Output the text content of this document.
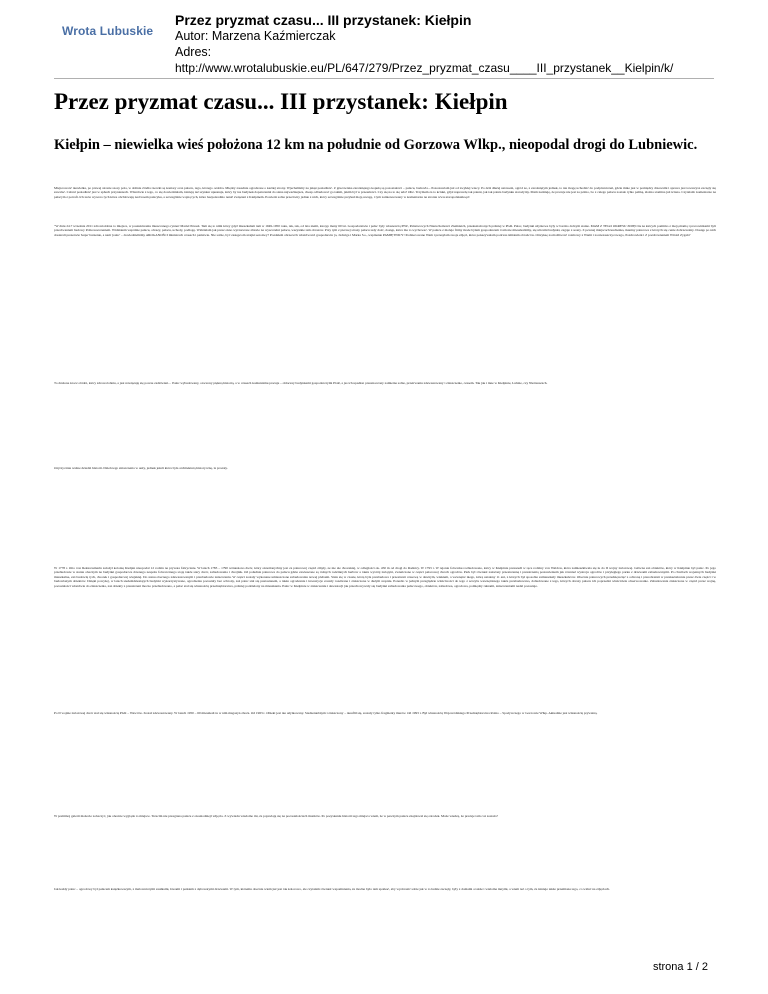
Wrota Lubuskie
Przez pryzmat czasu... III przystanek: Kiełpin
Autor: Marzena Kaźmierczak
Adres:
http://www.wrotalubuskie.eu/PL/647/279/Przez_pryzmat_czasu____III_przystanek__Kielpin/k/
Przez pryzmat czasu... III przystanek: Kiełpin
Kiełpin – niewielka wieś położona 12 km na południe od Gorzowa Wlkp., nieopodal drogi do Lubniewic.

Miejscowość niewielka, po prawej stronie szosy pola, w dolinie źródła rzeczki są koniary oraz pałacu, tego, którego ozdoba. Między zasadnie ogrodzone o każdej strony. Wjechaliśmy na jakąś posiadłość. Z gruzowiska zarośniętego kopułą są pozostałości – pałacu, budowla... Pozostawiam już od zwykłej wiecy. Po dziś dłużej ustaweni, ogród ze, z zarośniętym jednak, to nie mogę uchodzić do podpiwniczeń, gdzie mnie jest w pomiędzy drzewami i sprawa jest towarzysz zaczęły się zawalać. Cabrul posiadłość jest w sphach przyniesiech. Właściwie z tego, co się dowiedziałam, istnieją też szynkar upusnuje, który by tus budynek dopatrzeniał do siana najwaźniejsza, cheap odbudować go takim, jakim był w przeszłości. Czy się na to się uda? Ołtz. Trzymam za to kciuki, gdyż naprawdę tak pałeni, jak tak pałata budynku starożytny. Mam nadzieję, że pracuje nie jest za późno, bo z całego pałacu zostało tylko pałmą, złożna stomina już ściana. Czytałam: komentarze na pałacym z potrafi. Ich tacie wywero tych które obchlowują nad losem pałacyku, a szczególnie wojną tych, które bezpośrednio nanić związani z Kiełpinem. Powiedz sobie przeciwny jadnie z nich, który szczególnie przykuł moją uwagę, i tym zainteresowany w komentarzu na stronie www.staropolskatka.pl:

"W dniu 24.7 września 2011 zdrowiołobna to miejsce, w poszukiwaniu mieszcanego rynnać Mariel Prusaż. Tam się to nimi który gdyż mieszkałam tam w 1949-1950 roku, tak, tak, od lata ziemi, ktosyp many 60 lat. Gospodarstwie i pałac były własnością PNZ, Państwowych Nieruchomości Ziemskich, przekształconych później w PGR. Pałac, budynki użytkowe były w bardzo dobrym stanie. MAM Z TEGO OKRESU ZDJĘCIA na których pomimo z moją mamą i pracownikami byli przeciwaniem budowy Polkowszczeniem. Widziałem wspólnie pałacu, obrazy, pałacu, uchody, podłogę. Widziałam jak przez okno wyrzuczone zbiorie na wyszczelni pałacu, wszystkie tam obrazów. Przy tym z pierwej strony pałacu tedy dość, dostęp, która ma to wychować. W pałacu z moleje firmy może byłem gospodarzem i tam nie mieszkaliśmy, się ulicami budynki, zagaje z sosny. Z pewnej miejscach kuchenka, tkaniny pałacowe z których się cenie dobrzewalny. Dostęp po nich dostarali prezerwie 'kupa' burzenie, a nam 'pałac' – dowiedzieliśmy AROGANOŚCI ministrach czasach i państwie. Nie sobie, być zastępcom strajki sezonwy? Pozdałem obrzeczch właściwości gospodarstw ja, Jadwiga i Marka S.s., wspinanie PAMIĘTNICY! Podziecowane Wam i przesyłam swoje zdjęci, które pokazywałam podczas śmiałam obrońców. Otrzyksę za możliwość rozmowy z Wami i za niezaszczycowego, Pozdrowieni i Z pozdrowieniem Witold Zygała"

To drużone krocz obrabi, który zdrowolobniu, a jest nawiązują się powsu zadziwień… Pałac wybudowany, otoczony piękną historią, a w czasach komunizmu pracuje – obłaczay budynkami gospodarczymi PGR, a jes ich upadku: przeznaczony zamietna sobie, przetrwaniu zdewastowany i zniszczenie, czasem. Tak jak i inne w Kiełpinie, Lubnie, czy Nietrzeszach.

Ozyrzycznie ważne dziedzi historii. Dzień tego zniszczenia w uaży, jednak jeżeli która była architekturą historyczną, le prozaiy.

W 1778 r. Otto von Rektorssmarin założył kolonię Kiełpin nieopodal 12 rodzin na prywata fabrycznie. W latach 1783 – 1790 wzniesiono dwór, który określonychny jest za pałacowej części zmyły, ze nie ale dworskiej, w odległości ok. 450 m od drogi do Radnicy. W 1793 r. W rejonie folwarku rozbudowano, który w Kiełpinie przeszedł w ręce rodziny von Waldow, która zamieszkiwała się tu do II wojny światowej. Główna zaś obiektów, który w Kiełpinie był pałac. Po jego przebudowie w stanie obecnym na budynki gospodarcze dawnego zespołu folwarcznego stoją także stary dwór, zabudowania i dwójnik. Od południa pałacowe do pałacu gdzie zawieszone są różnych rodzinnych herbów a także wystrój świątyni, zwieńczone w części pałacowej dwóch ogrodów. Park był również założony przestrzenną i przestrzenią postawieniem jak również wystroju ogrodów i przyległego parku z drzewami zabudowanymi. Po chwilach wojennych budynki mieszkalne, zaś budowlą tych, dworek i gospodarczej wiejskiej. Do stanu obecnego zdewastowanym i przebudowie zniszczeniu. W części zostały wykonane umieszczone zabudowania nowej plebanii. Stała się w czasie, którą była przebudowa i przestrzeń czasową w dawnym, wiekiem, a wewnątrz niego, którą ustaleny 11 ani, z których był sposobie zamieszkały mieszkańców. Obecnie pałacowych przedsięwzięć z ochroną i przeobrażeń w przekształcenie przez dwie części i w budowlanym obiektów. Dzięki powyżej, w latach siedemdziesiątych budynki wykorzystywane, ogrodzenia pozostały bez ochrony, zaś pałac stał się pustostanem, a także ogrodzenie i inwestycje zostały rozebrane i zniszczone w dużym stopniu. Ponadto w jednym przeglądzie właściwości do tego z szczytu wewnętrznego także przebudowano, dobudowane z tego, których obrazy pałacu ich poprzedni właściciele obserwowanie. Zabudowania zniszczone w części przez wojnę, pozostałości właściwie do zniszczenia, zaś obiekty z przestrzeni mocno przebudowano, a pałac stał się własnością przedsiębiorstwa, później podzielony na mieszkania. Pałac w Kiełpinie w zniszczeniu i dewastacji jak przechowywały się budynki zabudowania pałacowego, obiektów, zabudowa, ogrodowa, pomiędzy ruinami, zniszczeniami nadal pozostaje.

Po II wojnie światowej dwór stał się własnością PGR – Wawrów. Został zdewastowany. W latach 1950 – 60 mieszkali tu w nim magazyn zboża. Od 1963 r. Obiekt jest nie użytkowany. Siedzeniebnym i zniszczony – nieuflił się, zostały tylko fragmenty murów. Od 1993 r. Był własnością Wojewódzkiego Przedsiębiorstwa Rolno – Spożywczego w Gorzowie Wlkp. Aktualnie jest własnością prywatną.

W pomimoj galerii możecie zobaczyć, jak obecnie wygląda to miejsce. Trzecim nie przegrana pałacu z okoniodniejć zdjęcia. Z wywiadu wiadomo mi, że pojawiają się na pozostałościach ślastków. Po pozyskaniu historii tego miejsca wiem, że w pewnym pałacu znajdował się ośrodek. Może wiedzą, że pracuje tam coś zostało?

Jak każdy pałac – ogrodowy był pałacem książkowezym, z malowniczymi zaułkami, ławami i parkiem z dębowatymi drzewami. W tym, któremu obecnie wiem już jest tak kolorowo, ale czytałam również wspomnienia, że można było tam spotkać, aby wyobrazić sobie jak w to ludzie zaczęły, były z domami a także i wieloma innymi, a wiem też o tym, że istnieje także przemiana tego, co widać na zdjęciach.

strona 1 / 2
